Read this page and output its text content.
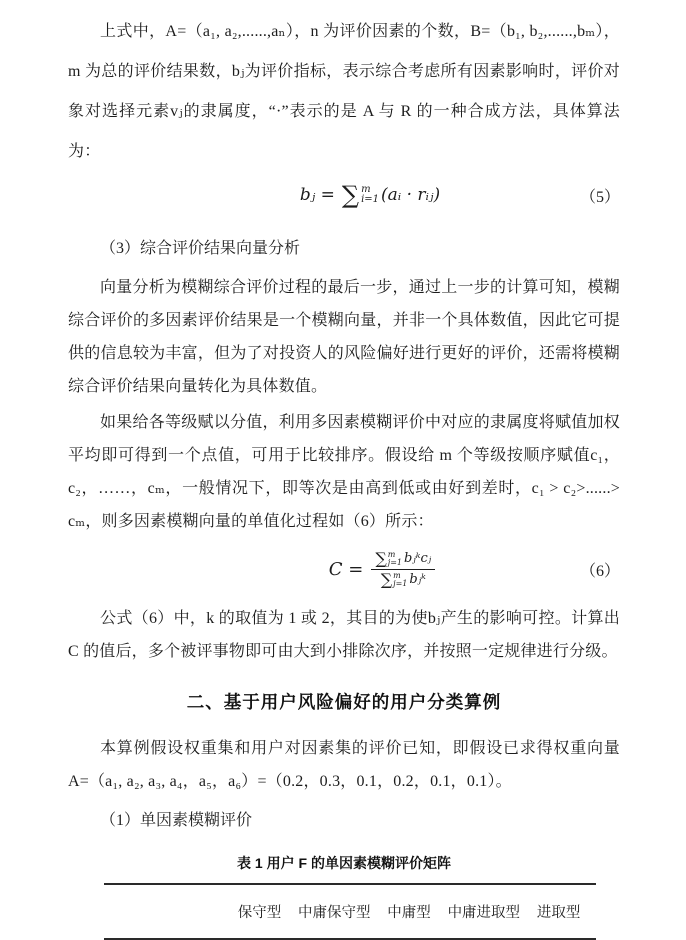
上式中，A=（a₁, a₂,......,aₙ），n 为评价因素的个数，B=（b₁, b₂,......,bₘ），m 为总的评价结果数，bⱼ为评价指标，表示综合考虑所有因素影响时，评价对象对选择元素vⱼ的隶属度，“·”表示的是 A 与 R 的一种合成方法，具体算法为：

bⱼ = ∑ m
i=1 (aᵢ · rᵢⱼ)	（5）

（3）综合评价结果向量分析

向量分析为模糊综合评价过程的最后一步，通过上一步的计算可知，模糊综合评价的多因素评价结果是一个模糊向量，并非一个具体数值，因此它可提供的信息较为丰富，但为了对投资人的风险偏好进行更好的评价，还需将模糊综合评价结果向量转化为具体数值。

如果给各等级赋以分值，利用多因素模糊评价中对应的隶属度将赋值加权平均即可得到一个点值，可用于比较排序。假设给 m 个等级按顺序赋值c₁，c₂，……，cₘ，一般情况下，即等次是由高到低或由好到差时，c₁ > c₂>......> cₘ，则多因素模糊向量的单值化过程如（6）所示：

C =
∑ m
j=1 bⱼᵏcⱼ
∑ m
j=1 bⱼᵏ	（6）

公式（6）中，k 的取值为 1 或 2，其目的为使bⱼ产生的影响可控。计算出 C 的值后，多个被评事物即可由大到小排除次序，并按照一定规律进行分级。

二、基于用户风险偏好的用户分类算例

本算例假设权重集和用户对因素集的评价已知，即假设已求得权重向量 A=（a₁, a₂, a₃, a₄，a₅，a₆）=（0.2，0.3，0.1，0.2，0.1，0.1）。

（1）单因素模糊评价

表 1 用户 F 的单因素模糊评价矩阵

保守型	中庸保守型	中庸型	中庸进取型	进取型
